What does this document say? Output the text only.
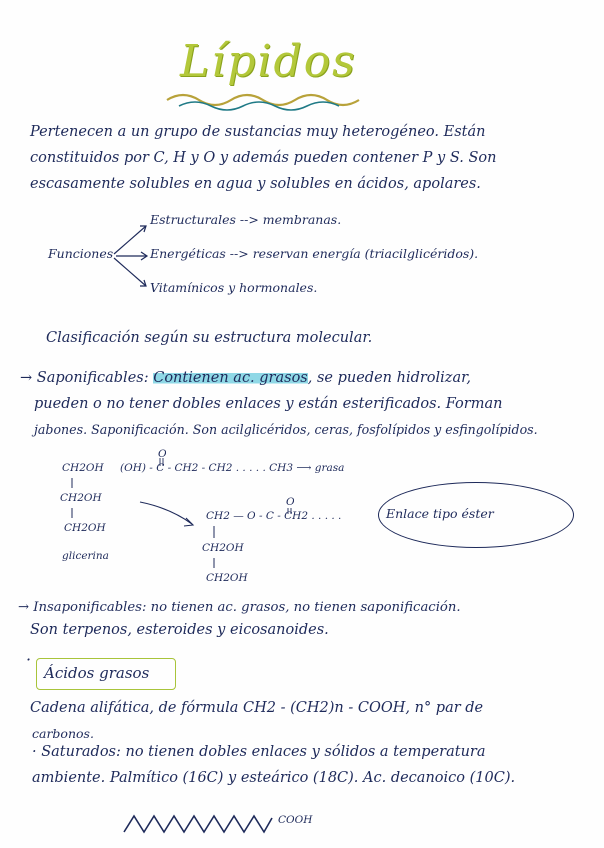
Lípidos
Pertenecen a un grupo de sustancias muy heterogéneo. Están
constituidos por C, H y O y además pueden contener P y S. Son
escasamente solubles en agua y solubles en ácidos, apolares.
Funciones
Estructurales --> membranas.
Energéticas --> reservan energía (triacilglicéridos).
Vitamínicos y hormonales.
Clasificación según su estructura molecular.
→ Saponificables: Contienen ac. grasos, se pueden hidrolizar,
pueden o no tener dobles enlaces y están esterificados. Forman
jabones. Saponificación. Son acilglicéridos, ceras, fosfolípidos y esfingolípidos.
CH2OH
CH2OH
CH2OH
glicerina
O
(OH) - C - CH2 - CH2 . . . . . CH3 ⟶ grasa
O
CH2 — O - C - CH2 . . . . .
CH2OH
CH2OH
Enlace tipo éster
→ Insaponificables: no tienen ac. grasos, no tienen saponificación.
Son terpenos, esteroides y eicosanoides.
·
Ácidos grasos
Cadena alifática, de fórmula CH2 - (CH2)n - COOH, n° par de
carbonos.
· Saturados: no tienen dobles enlaces y sólidos a temperatura
ambiente. Palmítico (16C) y esteárico (18C). Ac. decanoico (10C).
COOH
